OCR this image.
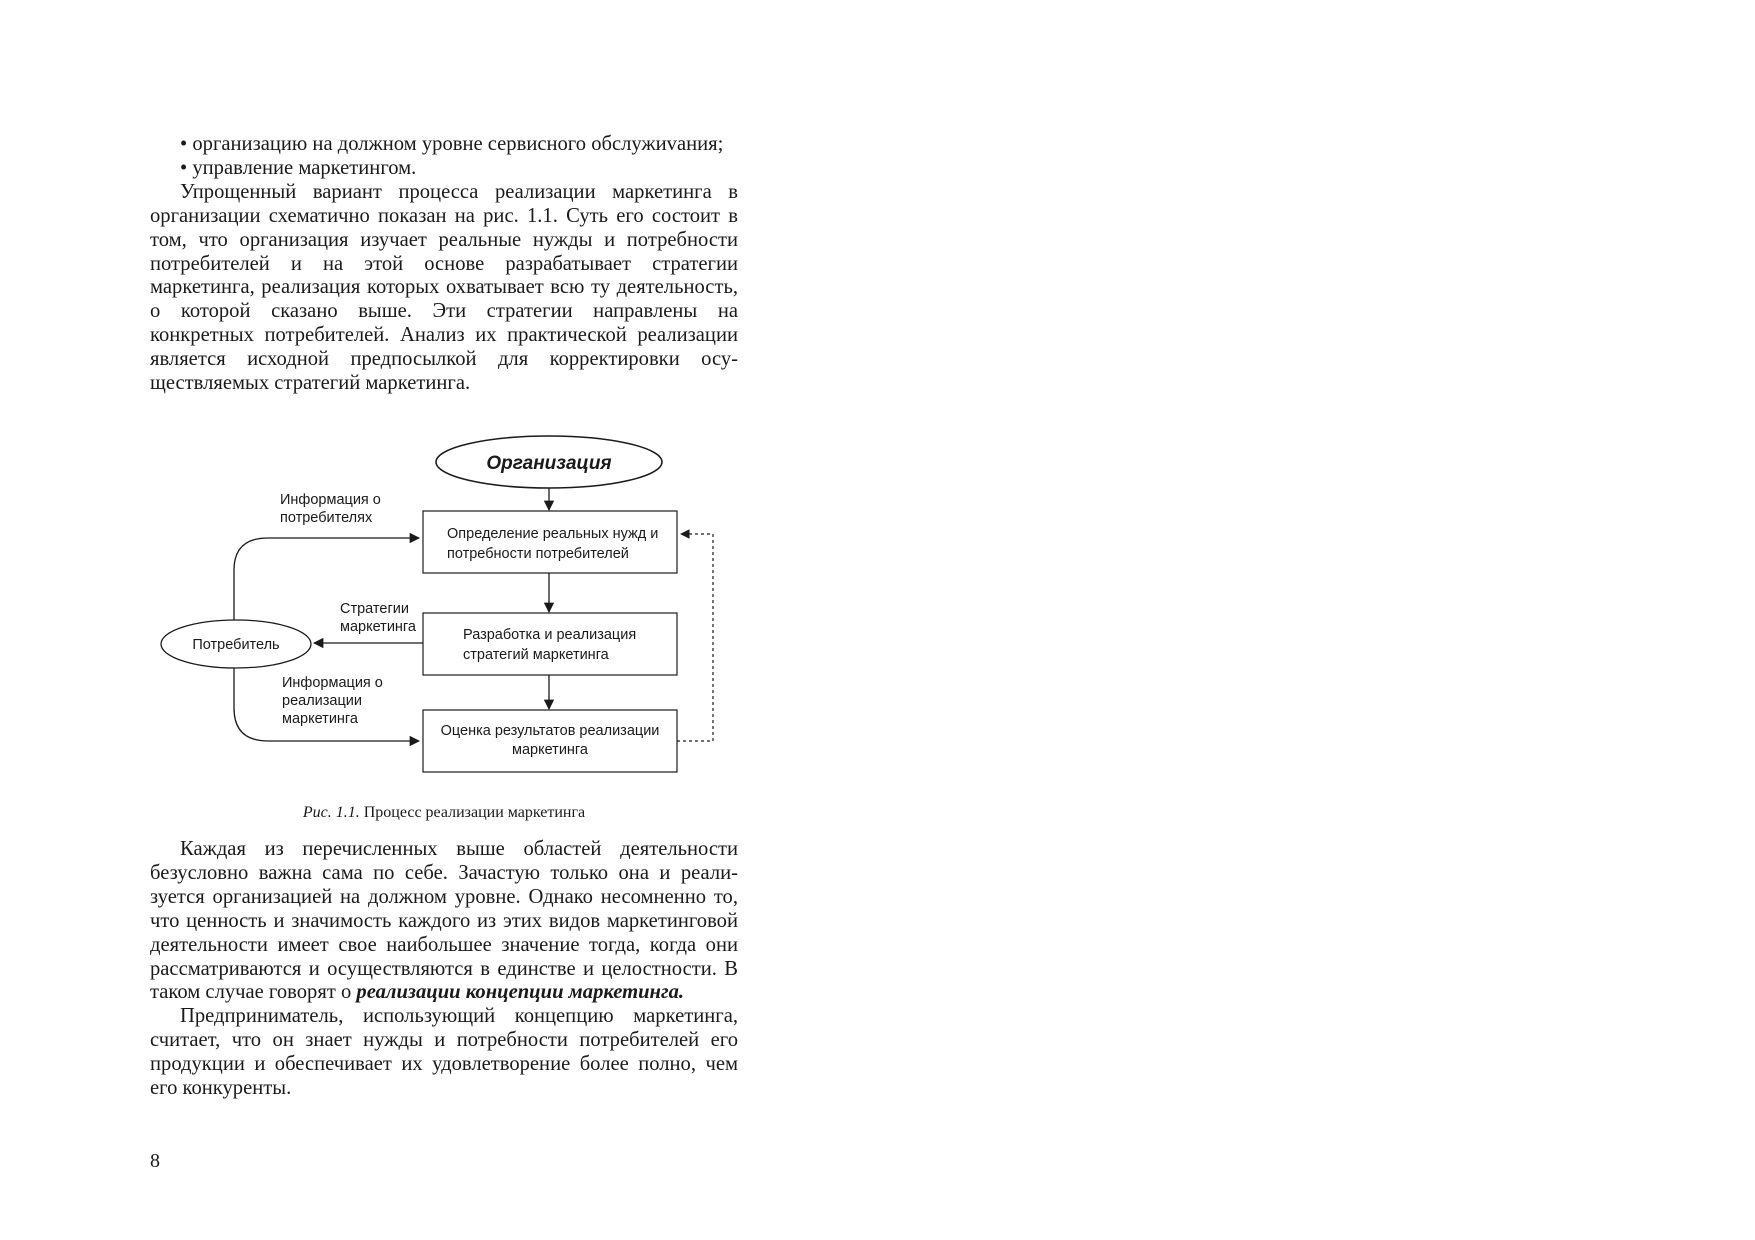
• организацию на должном уровне сервисного обслужиvания;

• управление маркетингом.

Упрощенный вариант процесса реализации маркетинга в организации схематично показан на рис. 1.1. Суть его состоит в том, что организация изучает реальные нужды и потребности потребителей и на этой основе разрабатывает стратегии маркетинга, реализация которых охватывает всю ту деятельность, о которой сказано выше. Эти стратегии направлены на конкретных потребителей. Анализ их практической реализации является исходной предпосылкой для корректировки осуществляемых стратегий маркетинга.

Организация
Определение реальных нужд и
потребности потребителей
Разработка и реализация
стратегий маркетинга
Оценка результатов реализации
маркетинга
Потребитель
Информация о
потребителях
Стратегии
маркетинга
Информация о
реализации
маркетинга
Рис. 1.1. Процесс реализации маркетинга

Каждая из перечисленных выше областей деятельности безусловно важна сама по себе. Зачастую только она и реализуется организацией на должном уровне. Однако несомненно то, что ценность и значимость каждого из этих видов маркетинговой деятельности имеет свое наибольшее значение тогда, когда они рассматриваются и осуществляются в единстве и целостности. В таком случае говорят о реализации концепции маркетинга.

Предприниматель, использующий концепцию маркетинга, считает, что он знает нужды и потребности потребителей его продукции и обеспечивает их удовлетворение более полно, чем его конкуренты.

8
